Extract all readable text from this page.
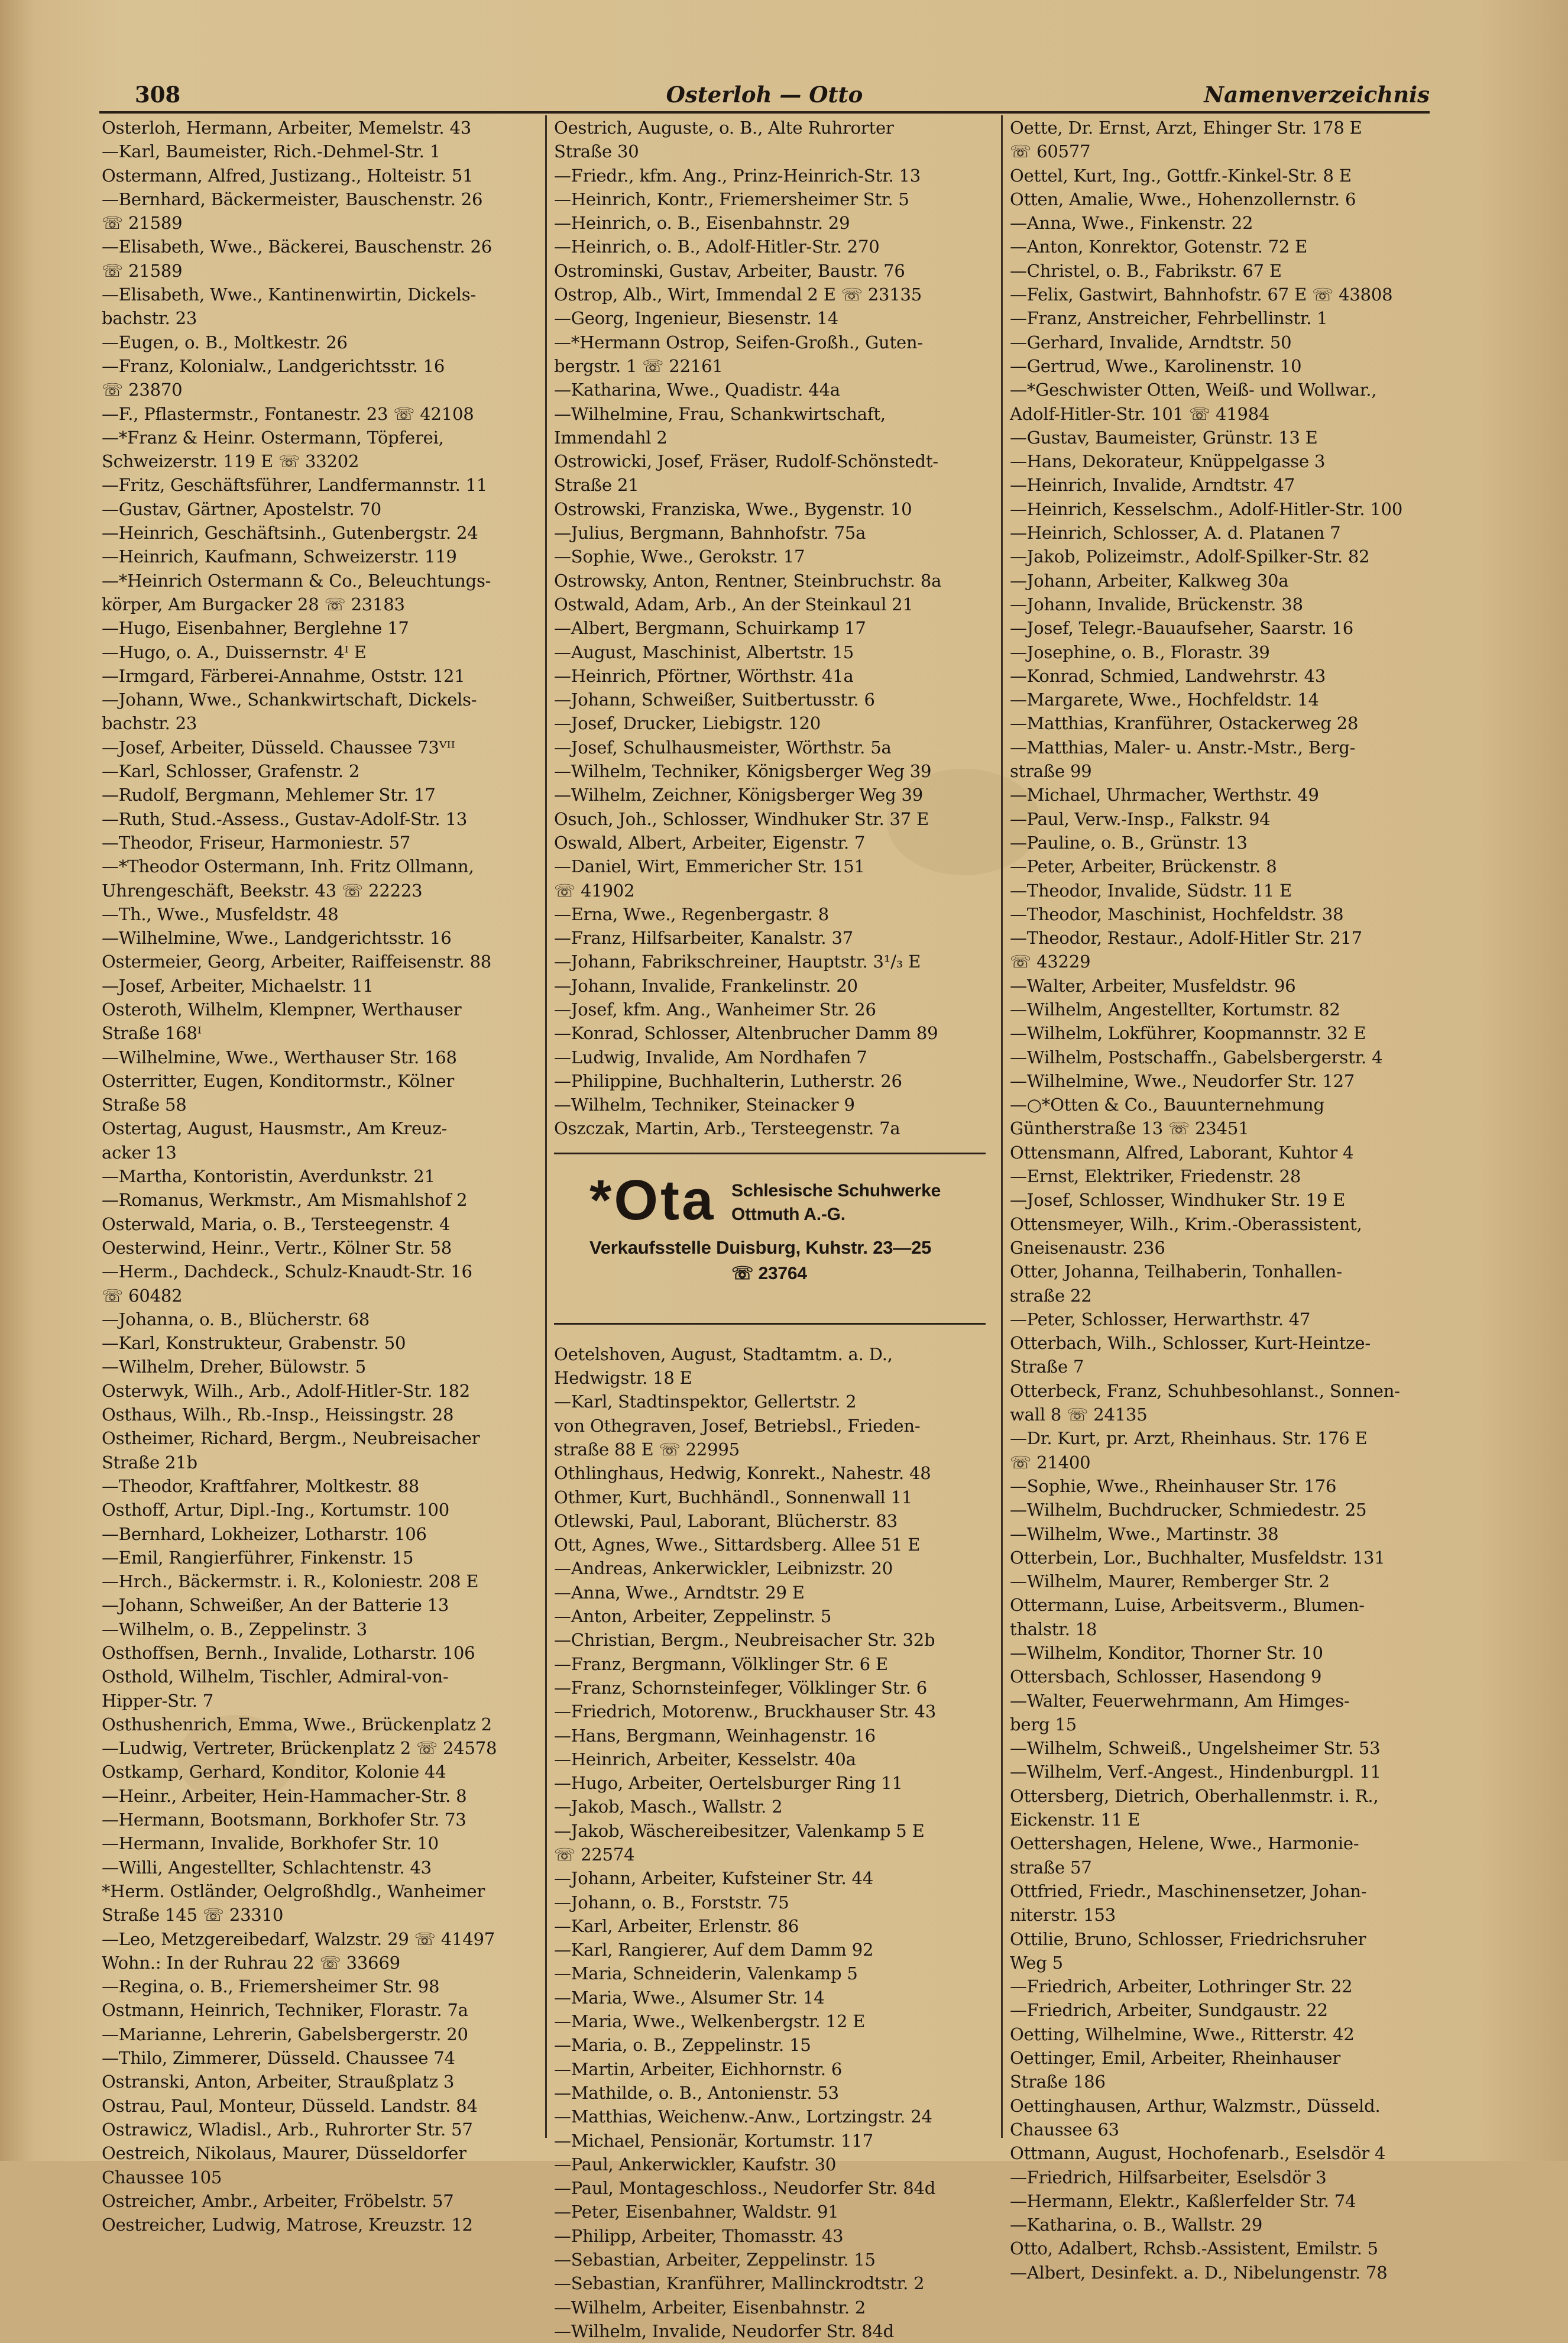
308	Osterloh — Otto	Namenverzeichnis
Osterloh, Hermann, Arbeiter, Memelstr. 43
—Karl, Baumeister, Rich.-Dehmel-Str. 1
Ostermann, Alfred, Justizang., Holteistr. 51
—Bernhard, Bäckermeister, Bauschenstr. 26
☏ 21589
—Elisabeth, Wwe., Bäckerei, Bauschenstr. 26
☏ 21589
—Elisabeth, Wwe., Kantinenwirtin, Dickels-
bachstr. 23
—Eugen, o. B., Moltkestr. 26
—Franz, Kolonialw., Landgerichtsstr. 16
☏ 23870
—F., Pflastermstr., Fontanestr. 23 ☏ 42108
—*Franz & Heinr. Ostermann, Töpferei,
Schweizerstr. 119 E ☏ 33202
—Fritz, Geschäftsführer, Landfermannstr. 11
—Gustav, Gärtner, Apostelstr. 70
—Heinrich, Geschäftsinh., Gutenbergstr. 24
—Heinrich, Kaufmann, Schweizerstr. 119
—*Heinrich Ostermann & Co., Beleuchtungs-
körper, Am Burgacker 28 ☏ 23183
—Hugo, Eisenbahner, Berglehne 17
—Hugo, o. A., Duissernstr. 4ᴵ E
—Irmgard, Färberei-Annahme, Oststr. 121
—Johann, Wwe., Schankwirtschaft, Dickels-
bachstr. 23
—Josef, Arbeiter, Düsseld. Chaussee 73ⱽᴵᴵ
—Karl, Schlosser, Grafenstr. 2
—Rudolf, Bergmann, Mehlemer Str. 17
—Ruth, Stud.-Assess., Gustav-Adolf-Str. 13
—Theodor, Friseur, Harmoniestr. 57
—*Theodor Ostermann, Inh. Fritz Ollmann,
Uhrengeschäft, Beekstr. 43 ☏ 22223
—Th., Wwe., Musfeldstr. 48
—Wilhelmine, Wwe., Landgerichtsstr. 16
Ostermeier, Georg, Arbeiter, Raiffeisenstr. 88
—Josef, Arbeiter, Michaelstr. 11
Osteroth, Wilhelm, Klempner, Werthauser
Straße 168ᴵ
—Wilhelmine, Wwe., Werthauser Str. 168
Osterritter, Eugen, Konditormstr., Kölner
Straße 58
Ostertag, August, Hausmstr., Am Kreuz-
acker 13
—Martha, Kontoristin, Averdunkstr. 21
—Romanus, Werkmstr., Am Mismahlshof 2
Osterwald, Maria, o. B., Tersteegenstr. 4
Oesterwind, Heinr., Vertr., Kölner Str. 58
—Herm., Dachdeck., Schulz-Knaudt-Str. 16
☏ 60482
—Johanna, o. B., Blücherstr. 68
—Karl, Konstrukteur, Grabenstr. 50
—Wilhelm, Dreher, Bülowstr. 5
Osterwyk, Wilh., Arb., Adolf-Hitler-Str. 182
Osthaus, Wilh., Rb.-Insp., Heissingstr. 28
Ostheimer, Richard, Bergm., Neubreisacher
Straße 21b
—Theodor, Kraftfahrer, Moltkestr. 88
Osthoff, Artur, Dipl.-Ing., Kortumstr. 100
—Bernhard, Lokheizer, Lotharstr. 106
—Emil, Rangierführer, Finkenstr. 15
—Hrch., Bäckermstr. i. R., Koloniestr. 208 E
—Johann, Schweißer, An der Batterie 13
—Wilhelm, o. B., Zeppelinstr. 3
Osthoffsen, Bernh., Invalide, Lotharstr. 106
Osthold, Wilhelm, Tischler, Admiral-von-
Hipper-Str. 7
Osthushenrich, Emma, Wwe., Brückenplatz 2
—Ludwig, Vertreter, Brückenplatz 2 ☏ 24578
Ostkamp, Gerhard, Konditor, Kolonie 44
—Heinr., Arbeiter, Hein-Hammacher-Str. 8
—Hermann, Bootsmann, Borkhofer Str. 73
—Hermann, Invalide, Borkhofer Str. 10
—Willi, Angestellter, Schlachtenstr. 43
*Herm. Ostländer, Oelgroßhdlg., Wanheimer
Straße 145 ☏ 23310
—Leo, Metzgereibedarf, Walzstr. 29 ☏ 41497
Wohn.: In der Ruhrau 22 ☏ 33669
—Regina, o. B., Friemersheimer Str. 98
Ostmann, Heinrich, Techniker, Florastr. 7a
—Marianne, Lehrerin, Gabelsbergerstr. 20
—Thilo, Zimmerer, Düsseld. Chaussee 74
Ostranski, Anton, Arbeiter, Straußplatz 3
Ostrau, Paul, Monteur, Düsseld. Landstr. 84
Ostrawicz, Wladisl., Arb., Ruhrorter Str. 57
Oestreich, Nikolaus, Maurer, Düsseldorfer
Chaussee 105
Ostreicher, Ambr., Arbeiter, Fröbelstr. 57
Oestreicher, Ludwig, Matrose, Kreuzstr. 12
Oestrich, Auguste, o. B., Alte Ruhrorter
Straße 30
—Friedr., kfm. Ang., Prinz-Heinrich-Str. 13
—Heinrich, Kontr., Friemersheimer Str. 5
—Heinrich, o. B., Eisenbahnstr. 29
—Heinrich, o. B., Adolf-Hitler-Str. 270
Ostrominski, Gustav, Arbeiter, Baustr. 76
Ostrop, Alb., Wirt, Immendal 2 E ☏ 23135
—Georg, Ingenieur, Biesenstr. 14
—*Hermann Ostrop, Seifen-Großh., Guten-
bergstr. 1 ☏ 22161
—Katharina, Wwe., Quadistr. 44a
—Wilhelmine, Frau, Schankwirtschaft,
Immendahl 2
Ostrowicki, Josef, Fräser, Rudolf-Schönstedt-
Straße 21
Ostrowski, Franziska, Wwe., Bygenstr. 10
—Julius, Bergmann, Bahnhofstr. 75a
—Sophie, Wwe., Gerokstr. 17
Ostrowsky, Anton, Rentner, Steinbruchstr. 8a
Ostwald, Adam, Arb., An der Steinkaul 21
—Albert, Bergmann, Schuirkamp 17
—August, Maschinist, Albertstr. 15
—Heinrich, Pförtner, Wörthstr. 41a
—Johann, Schweißer, Suitbertusstr. 6
—Josef, Drucker, Liebigstr. 120
—Josef, Schulhausmeister, Wörthstr. 5a
—Wilhelm, Techniker, Königsberger Weg 39
—Wilhelm, Zeichner, Königsberger Weg 39
Osuch, Joh., Schlosser, Windhuker Str. 37 E
Oswald, Albert, Arbeiter, Eigenstr. 7
—Daniel, Wirt, Emmericher Str. 151
☏ 41902
—Erna, Wwe., Regenbergastr. 8
—Franz, Hilfsarbeiter, Kanalstr. 37
—Johann, Fabrikschreiner, Hauptstr. 3¹/₃ E
—Johann, Invalide, Frankelinstr. 20
—Josef, kfm. Ang., Wanheimer Str. 26
—Konrad, Schlosser, Altenbrucher Damm 89
—Ludwig, Invalide, Am Nordhafen 7
—Philippine, Buchhalterin, Lutherstr. 26
—Wilhelm, Techniker, Steinacker 9
Oszczak, Martin, Arb., Tersteegenstr. 7a
*Ota Schlesische Schuhwerke
Ottmuth A.-G.
Verkaufsstelle Duisburg, Kuhstr. 23—25
☏ 23764
Oetelshoven, August, Stadtamtm. a. D.,
Hedwigstr. 18 E
—Karl, Stadtinspektor, Gellertstr. 2
von Othegraven, Josef, Betriebsl., Frieden-
straße 88 E ☏ 22995
Othlinghaus, Hedwig, Konrekt., Nahestr. 48
Othmer, Kurt, Buchhändl., Sonnenwall 11
Otlewski, Paul, Laborant, Blücherstr. 83
Ott, Agnes, Wwe., Sittardsberg. Allee 51 E
—Andreas, Ankerwickler, Leibnizstr. 20
—Anna, Wwe., Arndtstr. 29 E
—Anton, Arbeiter, Zeppelinstr. 5
—Christian, Bergm., Neubreisacher Str. 32b
—Franz, Bergmann, Völklinger Str. 6 E
—Franz, Schornsteinfeger, Völklinger Str. 6
—Friedrich, Motorenw., Bruckhauser Str. 43
—Hans, Bergmann, Weinhagenstr. 16
—Heinrich, Arbeiter, Kesselstr. 40a
—Hugo, Arbeiter, Oertelsburger Ring 11
—Jakob, Masch., Wallstr. 2
—Jakob, Wäschereibesitzer, Valenkamp 5 E
☏ 22574
—Johann, Arbeiter, Kufsteiner Str. 44
—Johann, o. B., Forststr. 75
—Karl, Arbeiter, Erlenstr. 86
—Karl, Rangierer, Auf dem Damm 92
—Maria, Schneiderin, Valenkamp 5
—Maria, Wwe., Alsumer Str. 14
—Maria, Wwe., Welkenbergstr. 12 E
—Maria, o. B., Zeppelinstr. 15
—Martin, Arbeiter, Eichhornstr. 6
—Mathilde, o. B., Antonienstr. 53
—Matthias, Weichenw.-Anw., Lortzingstr. 24
—Michael, Pensionär, Kortumstr. 117
—Paul, Ankerwickler, Kaufstr. 30
—Paul, Montageschloss., Neudorfer Str. 84d
—Peter, Eisenbahner, Waldstr. 91
—Philipp, Arbeiter, Thomasstr. 43
—Sebastian, Arbeiter, Zeppelinstr. 15
—Sebastian, Kranführer, Mallinckrodtstr. 2
—Wilhelm, Arbeiter, Eisenbahnstr. 2
—Wilhelm, Invalide, Neudorfer Str. 84d
Oette, Dr. Ernst, Arzt, Ehinger Str. 178 E
☏ 60577
Oettel, Kurt, Ing., Gottfr.-Kinkel-Str. 8 E
Otten, Amalie, Wwe., Hohenzollernstr. 6
—Anna, Wwe., Finkenstr. 22
—Anton, Konrektor, Gotenstr. 72 E
—Christel, o. B., Fabrikstr. 67 E
—Felix, Gastwirt, Bahnhofstr. 67 E ☏ 43808
—Franz, Anstreicher, Fehrbellinstr. 1
—Gerhard, Invalide, Arndtstr. 50
—Gertrud, Wwe., Karolinenstr. 10
—*Geschwister Otten, Weiß- und Wollwar.,
Adolf-Hitler-Str. 101 ☏ 41984
—Gustav, Baumeister, Grünstr. 13 E
—Hans, Dekorateur, Knüppelgasse 3
—Heinrich, Invalide, Arndtstr. 47
—Heinrich, Kesselschm., Adolf-Hitler-Str. 100
—Heinrich, Schlosser, A. d. Platanen 7
—Jakob, Polizeimstr., Adolf-Spilker-Str. 82
—Johann, Arbeiter, Kalkweg 30a
—Johann, Invalide, Brückenstr. 38
—Josef, Telegr.-Bauaufseher, Saarstr. 16
—Josephine, o. B., Florastr. 39
—Konrad, Schmied, Landwehrstr. 43
—Margarete, Wwe., Hochfeldstr. 14
—Matthias, Kranführer, Ostackerweg 28
—Matthias, Maler- u. Anstr.-Mstr., Berg-
straße 99
—Michael, Uhrmacher, Werthstr. 49
—Paul, Verw.-Insp., Falkstr. 94
—Pauline, o. B., Grünstr. 13
—Peter, Arbeiter, Brückenstr. 8
—Theodor, Invalide, Südstr. 11 E
—Theodor, Maschinist, Hochfeldstr. 38
—Theodor, Restaur., Adolf-Hitler Str. 217
☏ 43229
—Walter, Arbeiter, Musfeldstr. 96
—Wilhelm, Angestellter, Kortumstr. 82
—Wilhelm, Lokführer, Koopmannstr. 32 E
—Wilhelm, Postschaffn., Gabelsbergerstr. 4
—Wilhelmine, Wwe., Neudorfer Str. 127
—○*Otten & Co., Bauunternehmung
Güntherstraße 13 ☏ 23451
Ottensmann, Alfred, Laborant, Kuhtor 4
—Ernst, Elektriker, Friedenstr. 28
—Josef, Schlosser, Windhuker Str. 19 E
Ottensmeyer, Wilh., Krim.-Oberassistent,
Gneisenaustr. 236
Otter, Johanna, Teilhaberin, Tonhallen-
straße 22
—Peter, Schlosser, Herwarthstr. 47
Otterbach, Wilh., Schlosser, Kurt-Heintze-
Straße 7
Otterbeck, Franz, Schuhbesohlanst., Sonnen-
wall 8 ☏ 24135
—Dr. Kurt, pr. Arzt, Rheinhaus. Str. 176 E
☏ 21400
—Sophie, Wwe., Rheinhauser Str. 176
—Wilhelm, Buchdrucker, Schmiedestr. 25
—Wilhelm, Wwe., Martinstr. 38
Otterbein, Lor., Buchhalter, Musfeldstr. 131
—Wilhelm, Maurer, Remberger Str. 2
Ottermann, Luise, Arbeitsverm., Blumen-
thalstr. 18
—Wilhelm, Konditor, Thorner Str. 10
Ottersbach, Schlosser, Hasendong 9
—Walter, Feuerwehrmann, Am Himges-
berg 15
—Wilhelm, Schweiß., Ungelsheimer Str. 53
—Wilhelm, Verf.-Angest., Hindenburgpl. 11
Ottersberg, Dietrich, Oberhallenmstr. i. R.,
Eickenstr. 11 E
Oettershagen, Helene, Wwe., Harmonie-
straße 57
Ottfried, Friedr., Maschinensetzer, Johan-
niterstr. 153
Ottilie, Bruno, Schlosser, Friedrichsruher
Weg 5
—Friedrich, Arbeiter, Lothringer Str. 22
—Friedrich, Arbeiter, Sundgaustr. 22
Oetting, Wilhelmine, Wwe., Ritterstr. 42
Oettinger, Emil, Arbeiter, Rheinhauser
Straße 186
Oettinghausen, Arthur, Walzmstr., Düsseld.
Chaussee 63
Ottmann, August, Hochofenarb., Eselsdör 4
—Friedrich, Hilfsarbeiter, Eselsdör 3
—Hermann, Elektr., Kaßlerfelder Str. 74
—Katharina, o. B., Wallstr. 29
Otto, Adalbert, Rchsb.-Assistent, Emilstr. 5
—Albert, Desinfekt. a. D., Nibelungenstr. 78
